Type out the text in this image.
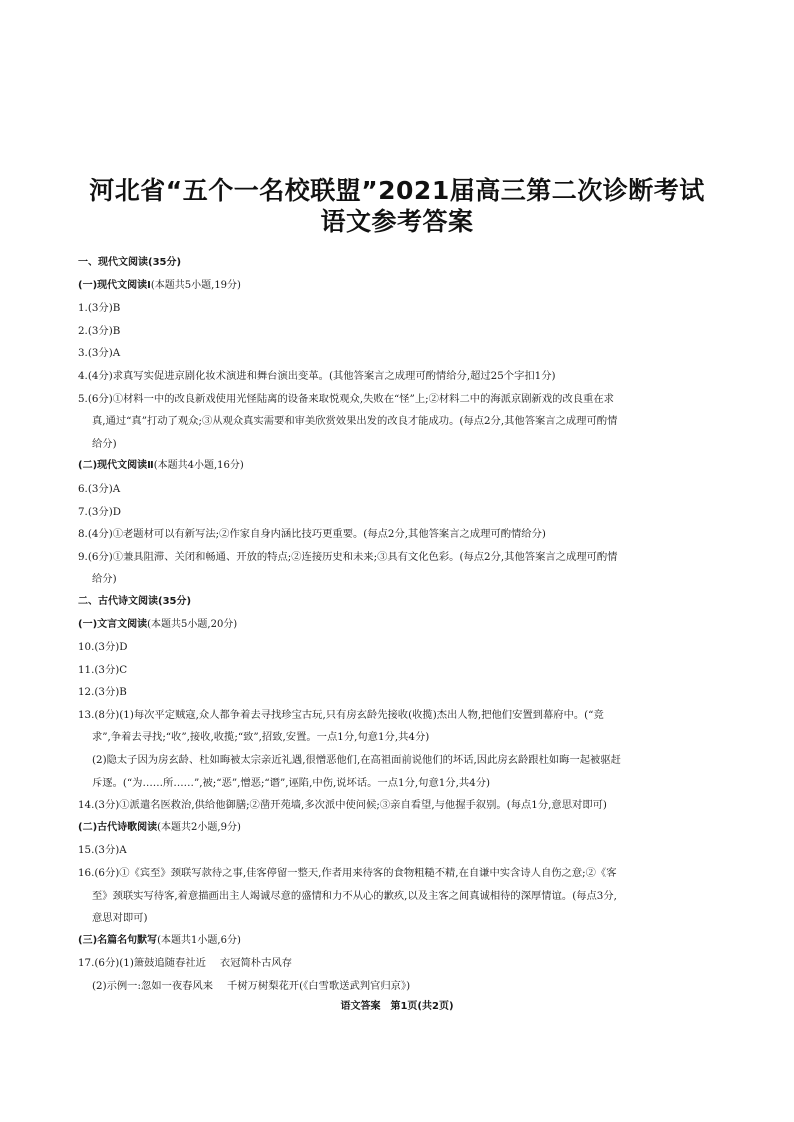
河北省“五个一名校联盟”2021届高三第二次诊断考试
语文参考答案
一、现代文阅读(35分)
(一)现代文阅读Ⅰ(本题共5小题,19分)
1.(3分)B
2.(3分)B
3.(3分)A
4.(4分)求真写实促进京剧化妆术演进和舞台演出变革。(其他答案言之成理可酌情给分,超过25个字扣1分)
5.(6分)①材料一中的改良新戏使用光怪陆离的设备来取悦观众,失败在“怪”上;②材料二中的海派京剧新戏的改良重在求
真,通过“真”打动了观众;③从观众真实需要和审美欣赏效果出发的改良才能成功。(每点2分,其他答案言之成理可酌情
给分)
(二)现代文阅读Ⅱ(本题共4小题,16分)
6.(3分)A
7.(3分)D
8.(4分)①老题材可以有新写法;②作家自身内涵比技巧更重要。(每点2分,其他答案言之成理可酌情给分)
9.(6分)①兼具阻滞、关闭和畅通、开放的特点;②连接历史和未来;③具有文化色彩。(每点2分,其他答案言之成理可酌情
给分)
二、古代诗文阅读(35分)
(一)文言文阅读(本题共5小题,20分)
10.(3分)D
11.(3分)C
12.(3分)B
13.(8分)(1)每次平定贼寇,众人都争着去寻找珍宝古玩,只有房玄龄先接收(收揽)杰出人物,把他们安置到幕府中。(“竞
求”,争着去寻找;“收”,接收,收揽;“致”,招致,安置。一点1分,句意1分,共4分)
(2)隐太子因为房玄龄、杜如晦被太宗亲近礼遇,很憎恶他们,在高祖面前说他们的坏话,因此房玄龄跟杜如晦一起被驱赶
斥逐。(“为……所……”,被;“恶”,憎恶;“谮”,诬陷,中伤,说坏话。一点1分,句意1分,共4分)
14.(3分)①派遣名医救治,供给他御膳;②凿开苑墙,多次派中使问候;③亲自看望,与他握手叙别。(每点1分,意思对即可)
(二)古代诗歌阅读(本题共2小题,9分)
15.(3分)A
16.(6分)①《宾至》颈联写款待之事,佳客停留一整天,作者用来待客的食物粗糙不精,在自谦中实含诗人自伤之意;②《客
至》颈联实写待客,着意描画出主人竭诚尽意的盛情和力不从心的歉疚,以及主客之间真诚相待的深厚情谊。(每点3分,
意思对即可)
(三)名篇名句默写(本题共1小题,6分)
17.(6分)(1)箫鼓追随春社近 衣冠简朴古风存
(2)示例一:忽如一夜春风来 千树万树梨花开(《白雪歌送武判官归京》)
语文答案　第1页(共2页)
